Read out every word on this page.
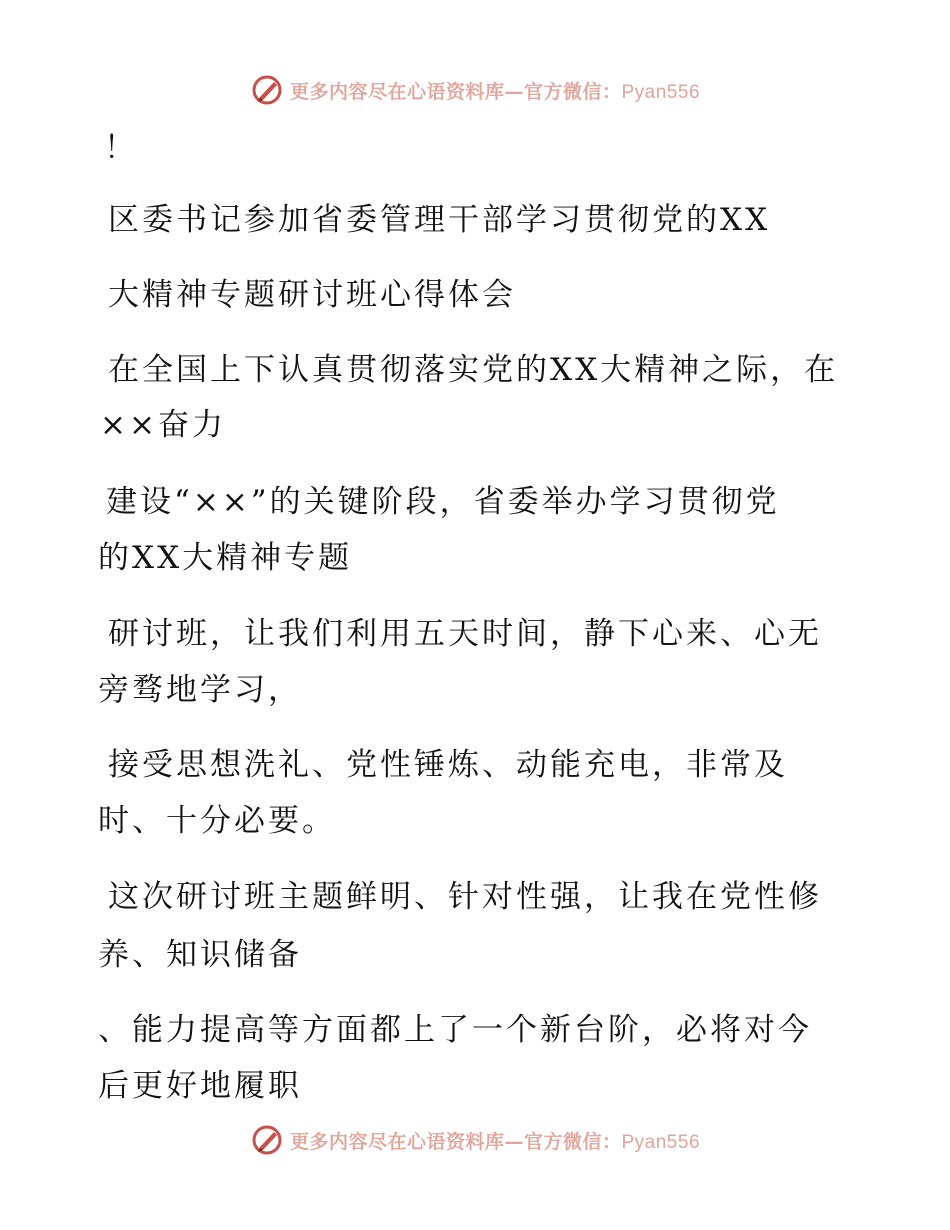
更多内容尽在心语资料库—官方微信：Pyan556
！
区委书记参加省委管理干部学习贯彻党的XX
大精神专题研讨班心得体会
在全国上下认真贯彻落实党的XX大精神之际，在
××奋力
建设“××”的关键阶段，省委举办学习贯彻党
的XX大精神专题
研讨班，让我们利用五天时间，静下心来、心无
旁骛地学习，
接受思想洗礼、党性锤炼、动能充电，非常及
时、十分必要。
这次研讨班主题鲜明、针对性强，让我在党性修
养、知识储备
、能力提高等方面都上了一个新台阶，必将对今
后更好地履职
更多内容尽在心语资料库—官方微信：Pyan556
